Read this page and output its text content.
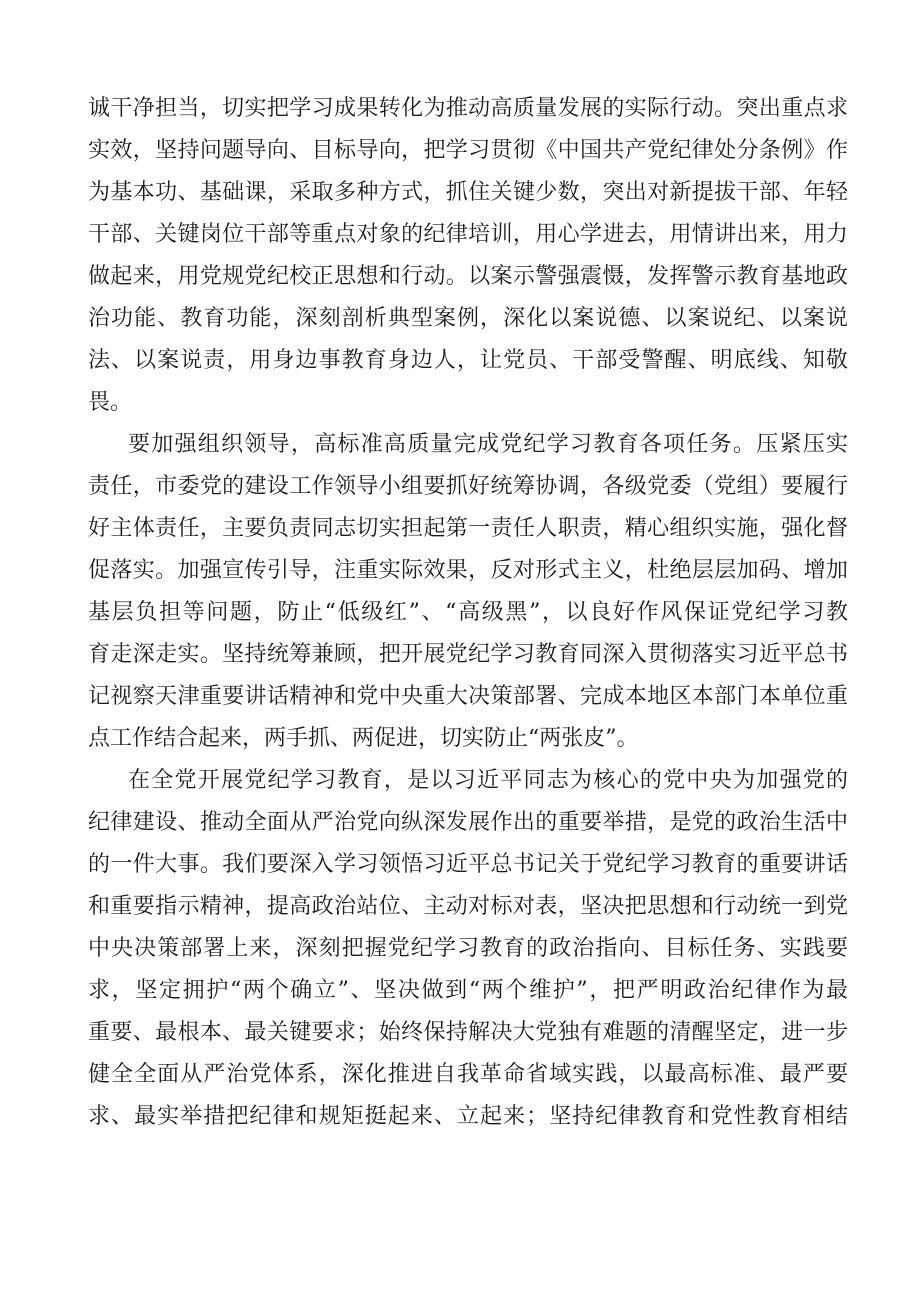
诚干净担当，切实把学习成果转化为推动高质量发展的实际行动。突出重点求
实效，坚持问题导向、目标导向，把学习贯彻《中国共产党纪律处分条例》作
为基本功、基础课，采取多种方式，抓住关键少数，突出对新提拔干部、年轻
干部、关键岗位干部等重点对象的纪律培训，用心学进去，用情讲出来，用力
做起来，用党规党纪校正思想和行动。以案示警强震慑，发挥警示教育基地政
治功能、教育功能，深刻剖析典型案例，深化以案说德、以案说纪、以案说
法、以案说责，用身边事教育身边人，让党员、干部受警醒、明底线、知敬
畏。
要加强组织领导，高标准高质量完成党纪学习教育各项任务。压紧压实
责任，市委党的建设工作领导小组要抓好统筹协调，各级党委（党组）要履行
好主体责任，主要负责同志切实担起第一责任人职责，精心组织实施，强化督
促落实。加强宣传引导，注重实际效果，反对形式主义，杜绝层层加码、增加
基层负担等问题，防止“低级红”、“高级黑”，以良好作风保证党纪学习教
育走深走实。坚持统筹兼顾，把开展党纪学习教育同深入贯彻落实习近平总书
记视察天津重要讲话精神和党中央重大决策部署、完成本地区本部门本单位重
点工作结合起来，两手抓、两促进，切实防止“两张皮”。
在全党开展党纪学习教育，是以习近平同志为核心的党中央为加强党的
纪律建设、推动全面从严治党向纵深发展作出的重要举措，是党的政治生活中
的一件大事。我们要深入学习领悟习近平总书记关于党纪学习教育的重要讲话
和重要指示精神，提高政治站位、主动对标对表，坚决把思想和行动统一到党
中央决策部署上来，深刻把握党纪学习教育的政治指向、目标任务、实践要
求，坚定拥护“两个确立”、坚决做到“两个维护”，把严明政治纪律作为最
重要、最根本、最关键要求；始终保持解决大党独有难题的清醒坚定，进一步
健全全面从严治党体系，深化推进自我革命省域实践，以最高标准、最严要
求、最实举措把纪律和规矩挺起来、立起来；坚持纪律教育和党性教育相结
